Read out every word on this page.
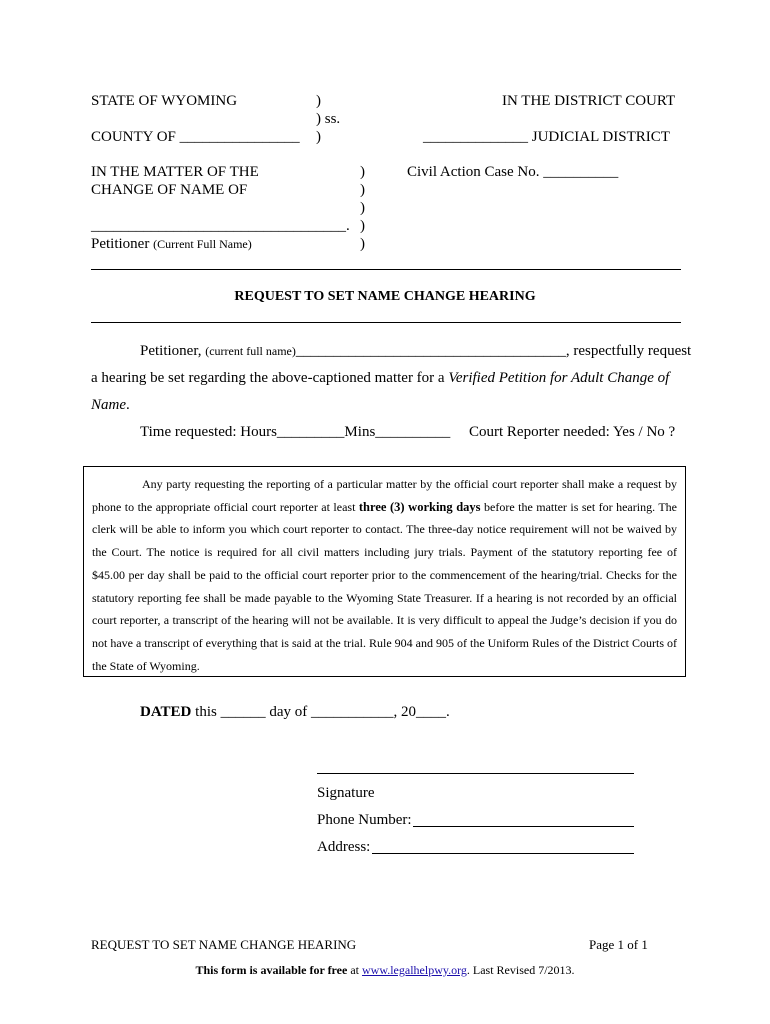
STATE OF WYOMING	)
) ss.
COUNTY OF ________________ )
IN THE DISTRICT COURT
______________ JUDICIAL DISTRICT
IN THE MATTER OF THE
CHANGE OF NAME OF
__________________________________.
Petitioner (Current Full Name)
)
)
)
)
)
Civil Action Case No. __________
REQUEST TO SET NAME CHANGE HEARING
Petitioner, (current full name)____________________________________, respectfully request
a hearing be set regarding the above-captioned matter for a Verified Petition for Adult Change of
Name.
Time requested: Hours_________Mins__________ Court Reporter needed: Yes / No ?
Any party requesting the reporting of a particular matter by the official court reporter shall make a request by phone to the appropriate official court reporter at least three (3) working days before the matter is set for hearing. The clerk will be able to inform you which court reporter to contact. The three-day notice requirement will not be waived by the Court. The notice is required for all civil matters including jury trials. Payment of the statutory reporting fee of $45.00 per day shall be paid to the official court reporter prior to the commencement of the hearing/trial. Checks for the statutory reporting fee shall be made payable to the Wyoming State Treasurer. If a hearing is not recorded by an official court reporter, a transcript of the hearing will not be available. It is very difficult to appeal the Judge’s decision if you do not have a transcript of everything that is said at the trial. Rule 904 and 905 of the Uniform Rules of the District Courts of the State of Wyoming.
DATED this ______ day of ___________, 20____.
Signature
Phone Number:
Address:
REQUEST TO SET NAME CHANGE HEARING	Page 1 of 1
This form is available for free at www.legalhelpwy.org. Last Revised 7/2013.
